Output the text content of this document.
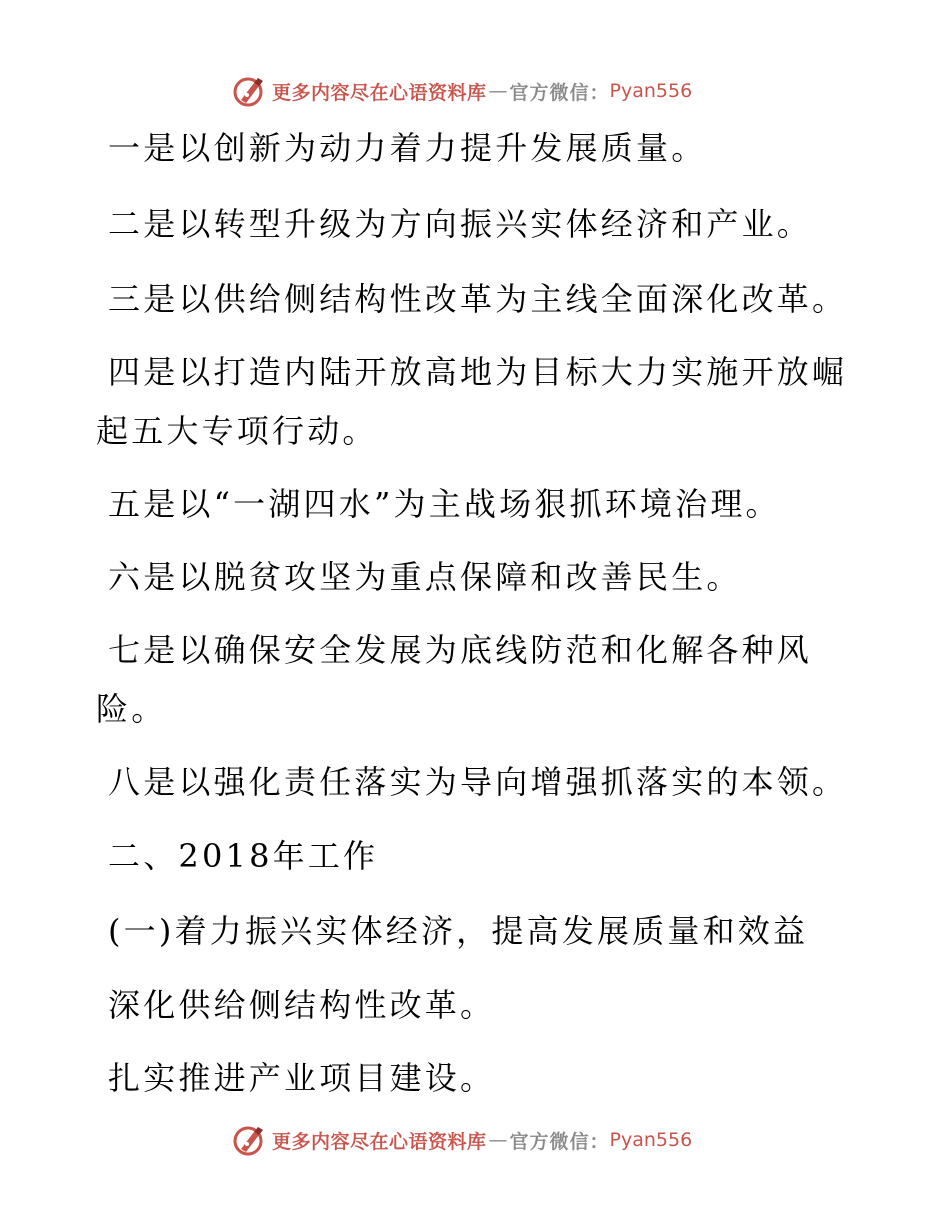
更多内容尽在心语资料库 — 官方微信： Pyan556
一是以创新为动力着力提升发展质量。
二是以转型升级为方向振兴实体经济和产业。
三是以供给侧结构性改革为主线全面深化改革。
四是以打造内陆开放高地为目标大力实施开放崛
起五大专项行动。
五是以“一湖四水”为主战场狠抓环境治理。
六是以脱贫攻坚为重点保障和改善民生。
七是以确保安全发展为底线防范和化解各种风
险。
八是以强化责任落实为导向增强抓落实的本领。
二、2018年工作
(一)着力振兴实体经济，提高发展质量和效益
深化供给侧结构性改革。
扎实推进产业项目建设。
更多内容尽在心语资料库 — 官方微信： Pyan556
